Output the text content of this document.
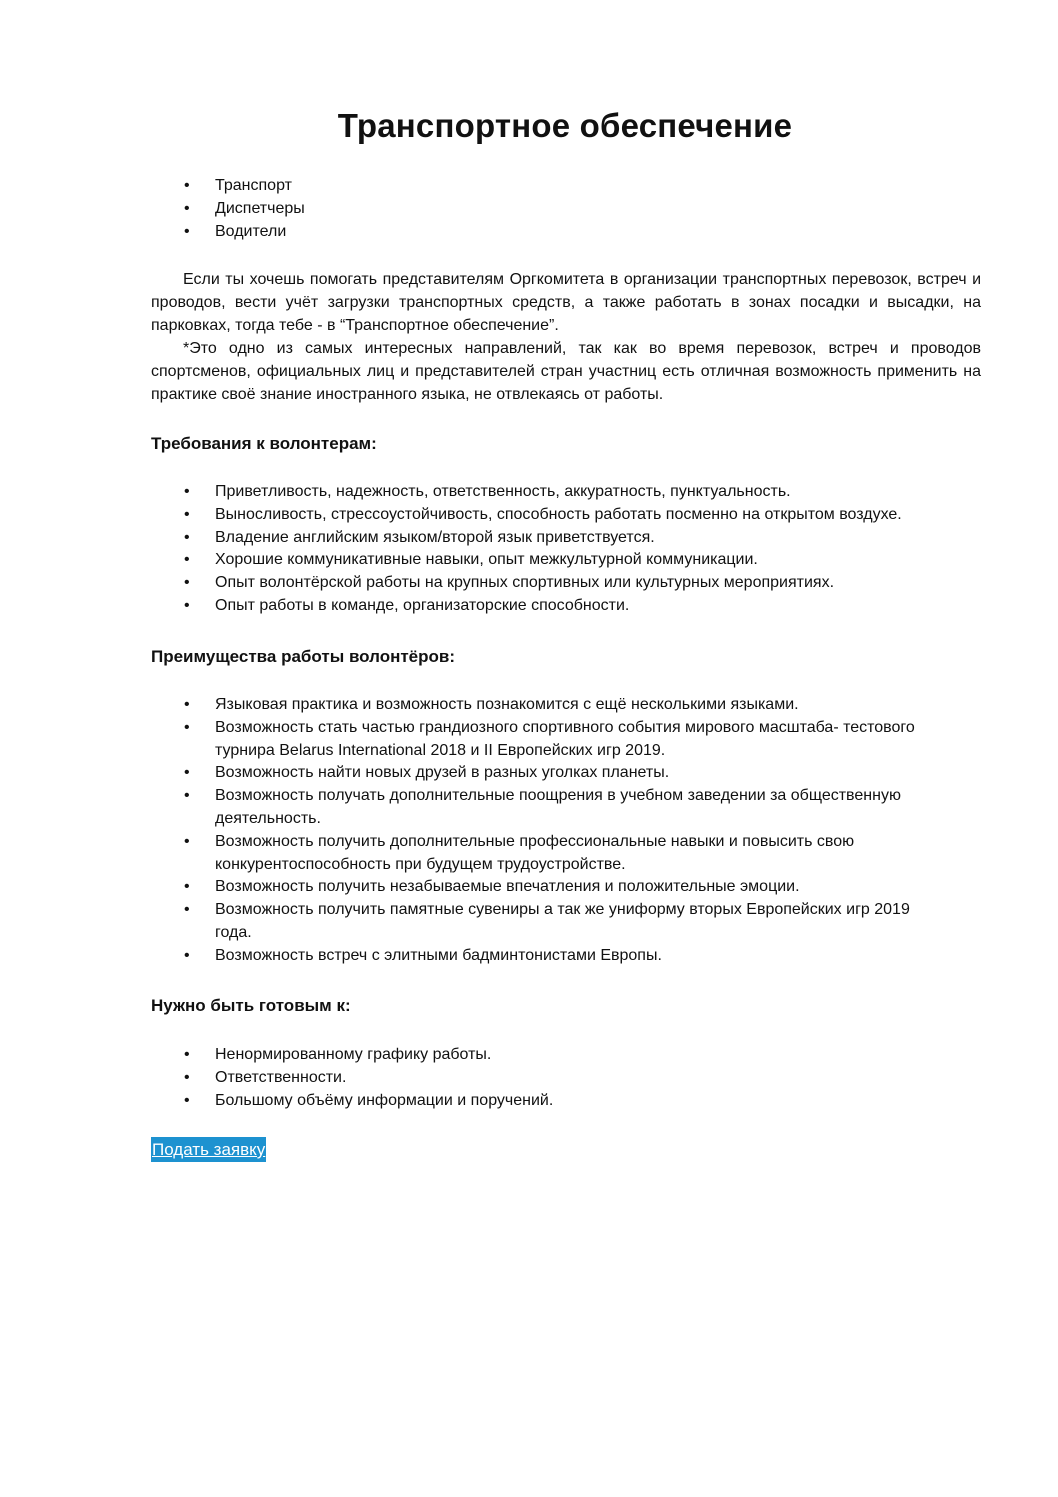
Транспортное обеспечение
• Транспорт
• Диспетчеры
• Водители

Если ты хочешь помогать представителям Оргкомитета в организации транспортных перевозок, встреч и проводов, вести учёт загрузки транспортных средств, а также работать в зонах посадки и высадки, на парковках, тогда тебе - в “Транспортное обеспечение”.

*Это одно из самых интересных направлений, так как во время перевозок, встреч и проводов спортсменов, официальных лиц и представителей стран участниц есть отличная возможность применить на практике своё знание иностранного языка, не отвлекаясь от работы.

Требования к волонтерам:
• Приветливость, надежность, ответственность, аккуратность, пунктуальность.
• Выносливость, стрессоустойчивость, способность работать посменно на открытом воздухе.
• Владение английским языком/второй язык приветствуется.
• Хорошие коммуникативные навыки, опыт межкультурной коммуникации.
• Опыт волонтёрской работы на крупных спортивных или культурных мероприятиях.
• Опыт работы в команде, организаторские способности.
Преимущества работы волонтёров:
• Языковая практика и возможность познакомится с ещё несколькими языками.
• Возможность стать частью грандиозного спортивного события мирового масштаба- тестового
турнира Belarus International 2018 и II Европейских игр 2019.
• Возможность найти новых друзей в разных уголках планеты.
• Возможность получать дополнительные поощрения в учебном заведении за общественную
деятельность.
• Возможность получить дополнительные профессиональные навыки и повысить свою
конкурентоспособность при будущем трудоустройстве.
• Возможность получить незабываемые впечатления и положительные эмоции.
• Возможность получить памятные сувениры а так же униформу вторых Европейских игр 2019
года.
• Возможность встреч с элитными бадминтонистами Европы.
Нужно быть готовым к:
• Ненормированному графику работы.
• Ответственности.
• Большому объёму информации и поручений.
Подать заявку
